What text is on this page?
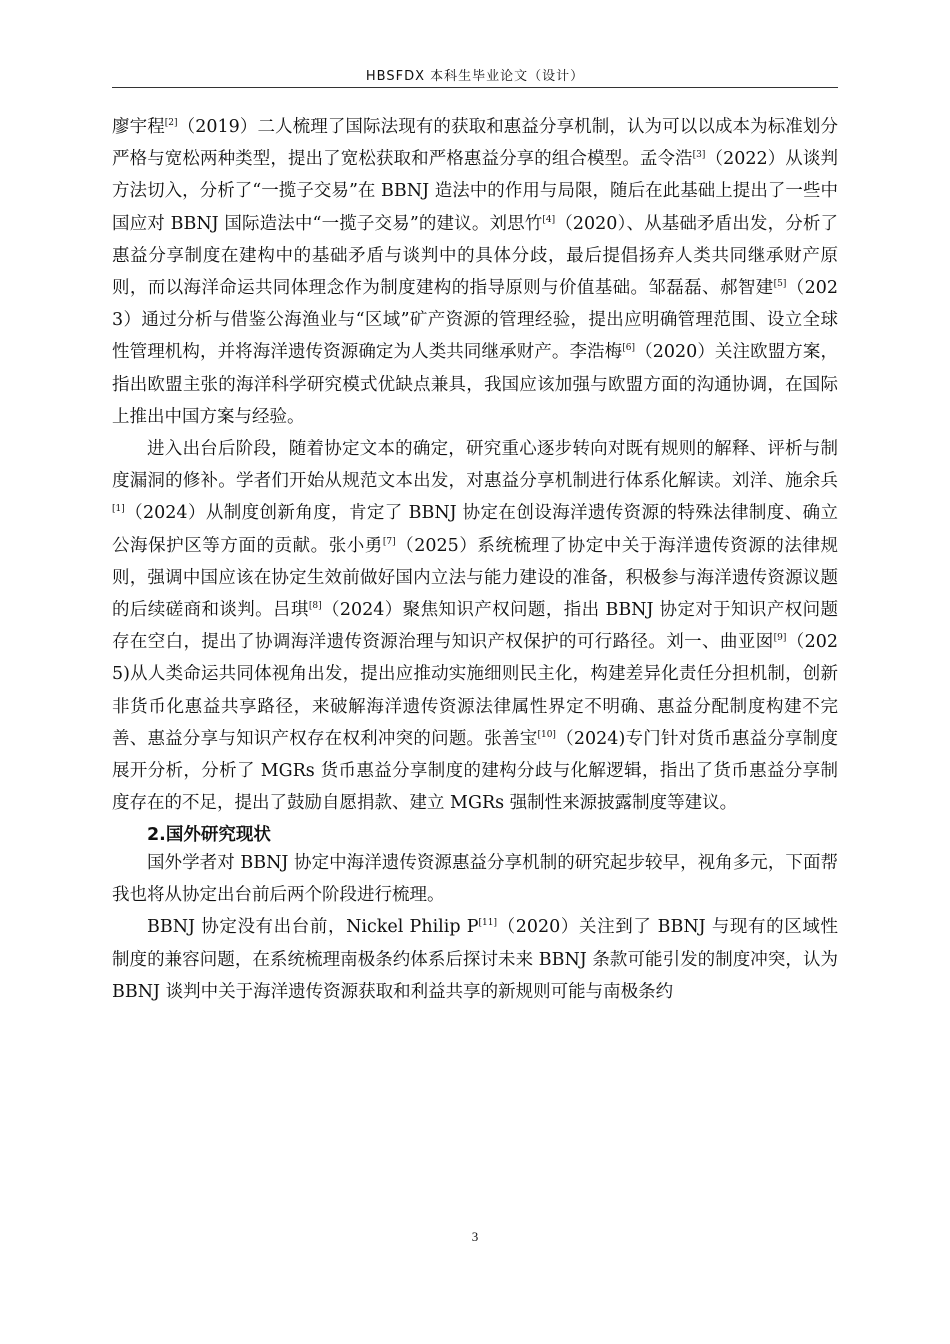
HBSFDX 本科生毕业论文（设计）

廖宇程[2]（2019）二人梳理了国际法现有的获取和惠益分享机制，认为可以以成本为标准划分严格与宽松两种类型，提出了宽松获取和严格惠益分享的组合模型。孟令浩[3]（2022）从谈判方法切入，分析了“一揽子交易”在 BBNJ 造法中的作用与局限，随后在此基础上提出了一些中国应对 BBNJ 国际造法中“一揽子交易”的建议。刘思竹[4]（2020）、从基础矛盾出发，分析了惠益分享制度在建构中的基础矛盾与谈判中的具体分歧，最后提倡扬弃人类共同继承财产原则，而以海洋命运共同体理念作为制度建构的指导原则与价值基础。邹磊磊、郝智建[5]（2023）通过分析与借鉴公海渔业与“区域”矿产资源的管理经验，提出应明确管理范围、设立全球性管理机构，并将海洋遗传资源确定为人类共同继承财产。李浩梅[6]（2020）关注欧盟方案，指出欧盟主张的海洋科学研究模式优缺点兼具，我国应该加强与欧盟方面的沟通协调，在国际上推出中国方案与经验。

进入出台后阶段，随着协定文本的确定，研究重心逐步转向对既有规则的解释、评析与制度漏洞的修补。学者们开始从规范文本出发，对惠益分享机制进行体系化解读。刘洋、施余兵[1]（2024）从制度创新角度，肯定了 BBNJ 协定在创设海洋遗传资源的特殊法律制度、确立公海保护区等方面的贡献。张小勇[7]（2025）系统梳理了协定中关于海洋遗传资源的法律规则，强调中国应该在协定生效前做好国内立法与能力建设的准备，积极参与海洋遗传资源议题的后续磋商和谈判。吕琪[8]（2024）聚焦知识产权问题，指出 BBNJ 协定对于知识产权问题存在空白，提出了协调海洋遗传资源治理与知识产权保护的可行路径。刘一、曲亚囡[9]（2025)从人类命运共同体视角出发，提出应推动实施细则民主化，构建差异化责任分担机制，创新非货币化惠益共享路径，来破解海洋遗传资源法律属性界定不明确、惠益分配制度构建不完善、惠益分享与知识产权存在权利冲突的问题。张善宝[10]（2024)专门针对货币惠益分享制度展开分析，分析了 MGRs 货币惠益分享制度的建构分歧与化解逻辑，指出了货币惠益分享制度存在的不足，提出了鼓励自愿捐款、建立 MGRs 强制性来源披露制度等建议。

2.国外研究现状

国外学者对 BBNJ 协定中海洋遗传资源惠益分享机制的研究起步较早，视角多元，下面帮我也将从协定出台前后两个阶段进行梳理。

BBNJ 协定没有出台前，Nickel Philip P[11]（2020）关注到了 BBNJ 与现有的区域性制度的兼容问题，在系统梳理南极条约体系后探讨未来 BBNJ 条款可能引发的制度冲突，认为 BBNJ 谈判中关于海洋遗传资源获取和利益共享的新规则可能与南极条约

3
